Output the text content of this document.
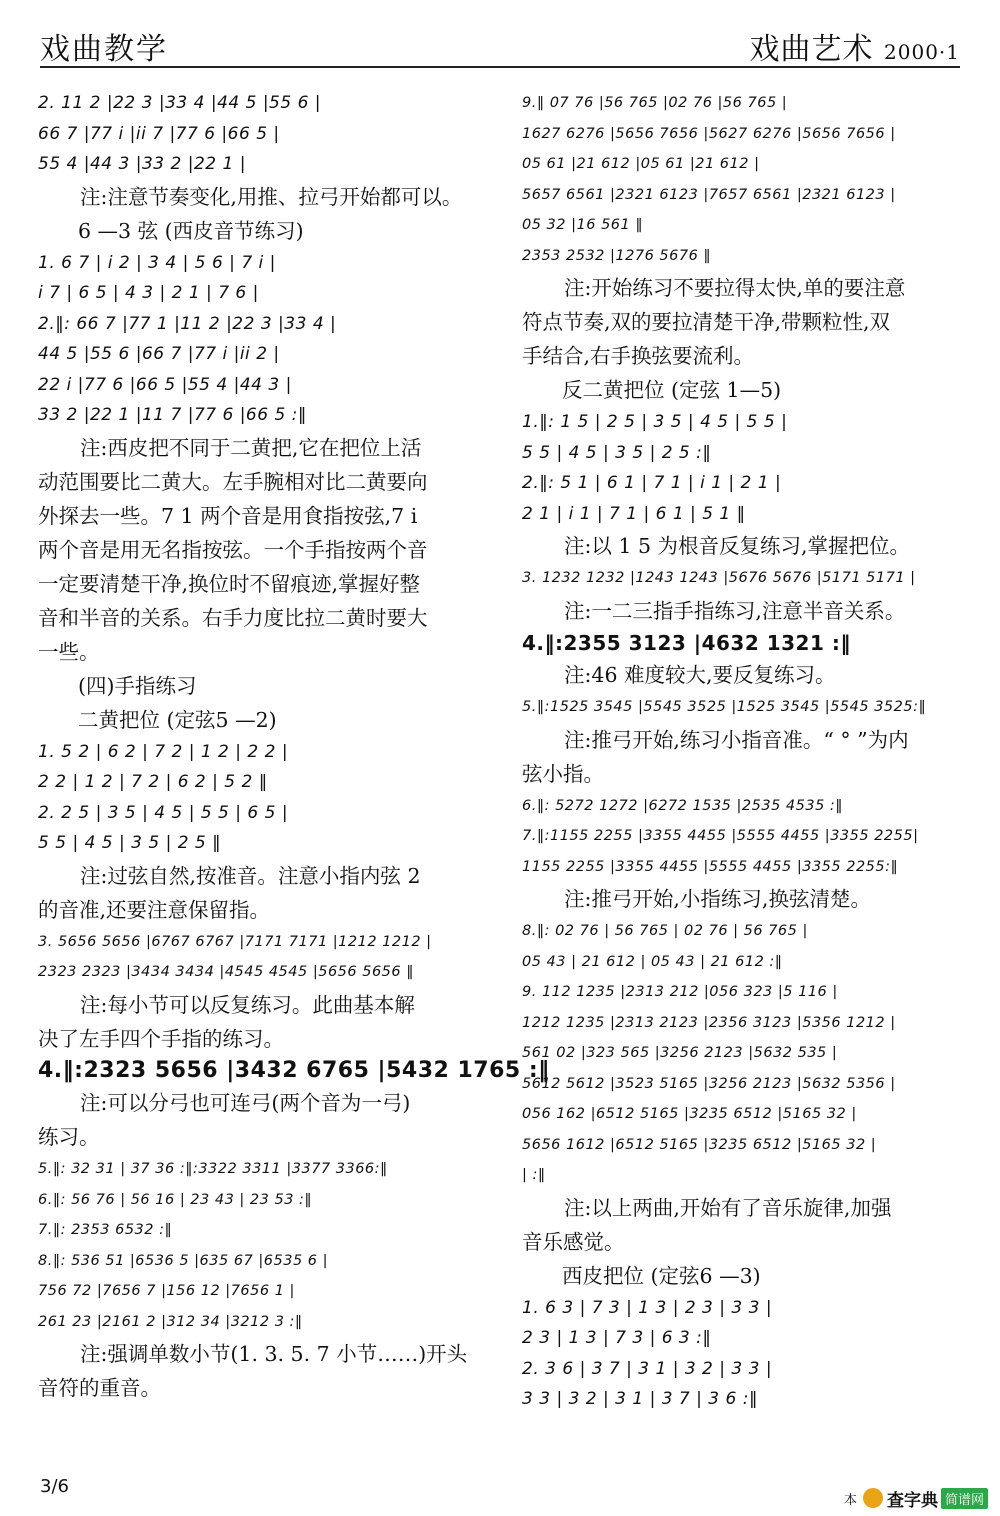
戏曲教学	戏曲艺术 2000·1
2. 11 2 |22 3 |33 4 |44 5 |55 6 |
66 7 |77 i |ii 7 |77 6 |66 5 |
55 4 |44 3 |33 2 |22 1 |
注:注意节奏变化,用推、拉弓开始都可以。
6 —3 弦 (西皮音节练习)
1. 6 7 | i 2 | 3 4 | 5 6 | 7 i |
i 7 | 6 5 | 4 3 | 2 1 | 7 6 |
2.‖: 66 7 |77 1 |11 2 |22 3 |33 4 |
44 5 |55 6 |66 7 |77 i |ii 2 |
22 i |77 6 |66 5 |55 4 |44 3 |
33 2 |22 1 |11 7 |77 6 |66 5 :‖
注:西皮把不同于二黄把,它在把位上活
动范围要比二黄大。左手腕相对比二黄要向
外探去一些。7 1 两个音是用食指按弦,7 i
两个音是用无名指按弦。一个手指按两个音
一定要清楚干净,换位时不留痕迹,掌握好整
音和半音的关系。右手力度比拉二黄时要大
一些。
(四)手指练习
二黄把位 (定弦5 —2)
1. 5 2 | 6 2 | 7 2 | 1 2 | 2 2 |
2 2 | 1 2 | 7 2 | 6 2 | 5 2 ‖
2. 2 5 | 3 5 | 4 5 | 5 5 | 6 5 |
5 5 | 4 5 | 3 5 | 2 5 ‖
注:过弦自然,按准音。注意小指内弦 2
的音准,还要注意保留指。
3. 5656 5656 |6767 6767 |7171 7171 |1212 1212 |
2323 2323 |3434 3434 |4545 4545 |5656 5656 ‖
注:每小节可以反复练习。此曲基本解
决了左手四个手指的练习。
4.‖:2323 5656 |3432 6765 |5432 1765 :‖
注:可以分弓也可连弓(两个音为一弓)
练习。
5.‖: 32 31 | 37 36 :‖:3322 3311 |3377 3366:‖
6.‖: 56 76 | 56 16 | 23 43 | 23 53 :‖
7.‖: 2353 6532 :‖
8.‖: 536 51 |6536 5 |635 67 |6535 6 |
756 72 |7656 7 |156 12 |7656 1 |
261 23 |2161 2 |312 34 |3212 3 :‖
注:强调单数小节(1. 3. 5. 7 小节……)开头
音符的重音。
9.‖ 07 76 |56 765 |02 76 |56 765 |
1627 6276 |5656 7656 |5627 6276 |5656 7656 |
05 61 |21 612 |05 61 |21 612 |
5657 6561 |2321 6123 |7657 6561 |2321 6123 |
05 32 |16 561 ‖
2353 2532 |1276 5676 ‖
注:开始练习不要拉得太快,单的要注意
符点节奏,双的要拉清楚干净,带颗粒性,双
手结合,右手换弦要流利。
反二黄把位 (定弦 1—5)
1.‖: 1 5 | 2 5 | 3 5 | 4 5 | 5 5 |
5 5 | 4 5 | 3 5 | 2 5 :‖
2.‖: 5 1 | 6 1 | 7 1 | i 1 | 2 1 |
2 1 | i 1 | 7 1 | 6 1 | 5 1 ‖
注:以 1 5 为根音反复练习,掌握把位。
3. 1232 1232 |1243 1243 |5676 5676 |5171 5171 |
注:一二三指手指练习,注意半音关系。
4.‖:2355 3123 |4632 1321 :‖
注:46 难度较大,要反复练习。
5.‖:1525 3545 |5545 3525 |1525 3545 |5545 3525:‖
注:推弓开始,练习小指音准。“ ° ”为内
弦小指。
6.‖: 5272 1272 |6272 1535 |2535 4535 :‖
7.‖:1155 2255 |3355 4455 |5555 4455 |3355 2255|
1155 2255 |3355 4455 |5555 4455 |3355 2255:‖
注:推弓开始,小指练习,换弦清楚。
8.‖: 02 76 | 56 765 | 02 76 | 56 765 |
05 43 | 21 612 | 05 43 | 21 612 :‖
9. 112 1235 |2313 212 |056 323 |5 116 |
1212 1235 |2313 2123 |2356 3123 |5356 1212 |
561 02 |323 565 |3256 2123 |5632 535 |
5612 5612 |3523 5165 |3256 2123 |5632 5356 |
056 162 |6512 5165 |3235 6512 |5165 32 |
5656 1612 |6512 5165 |3235 6512 |5165 32 |
| :‖
注:以上两曲,开始有了音乐旋律,加强
音乐感觉。
西皮把位 (定弦6 —3)
1. 6 3 | 7 3 | 1 3 | 2 3 | 3 3 |
2 3 | 1 3 | 7 3 | 6 3 :‖
2. 3 6 | 3 7 | 3 1 | 3 2 | 3 3 |
3 3 | 3 2 | 3 1 | 3 7 | 3 6 :‖
3/6
本 查字典 简谱网
